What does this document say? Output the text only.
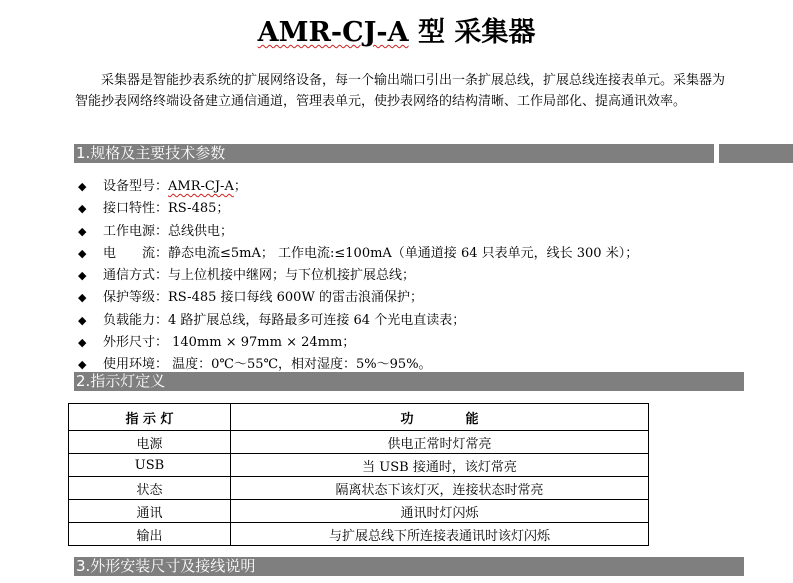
AMR-CJ-A 型 采集器
采集器是智能抄表系统的扩展网络设备，每一个输出端口引出一条扩展总线，扩展总线连接表单元。采集器为智能抄表网络终端设备建立通信通道，管理表单元，使抄表网络的结构清晰、工作局部化、提高通讯效率。
1.规格及主要技术参数
◆	设备型号： AMR-CJ-A ；
◆	接口特性：RS-485；
◆	工作电源：总线供电；
◆	电　　流：静态电流≤5mA； 工作电流:≤100mA（单通道接 64 只表单元，线长 300 米）；
◆	通信方式：与上位机接中继网；与下位机接扩展总线；
◆	保护等级：RS-485 接口每线 600W 的雷击浪涌保护；
◆	负载能力：4 路扩展总线，每路最多可连接 64 个光电直读表；
◆	外形尺寸： 140mm × 97mm × 24mm；
◆	使用环境： 温度：0℃～55℃，相对湿度：5%～95%。
2.指示灯定义
指 示 灯	功　　　　能
电源	供电正常时灯常亮
USB	当 USB 接通时，该灯常亮
状态	隔离状态下该灯灭，连接状态时常亮
通讯	通讯时灯闪烁
输出	与扩展总线下所连接表通讯时该灯闪烁
3.外形安装尺寸及接线说明
